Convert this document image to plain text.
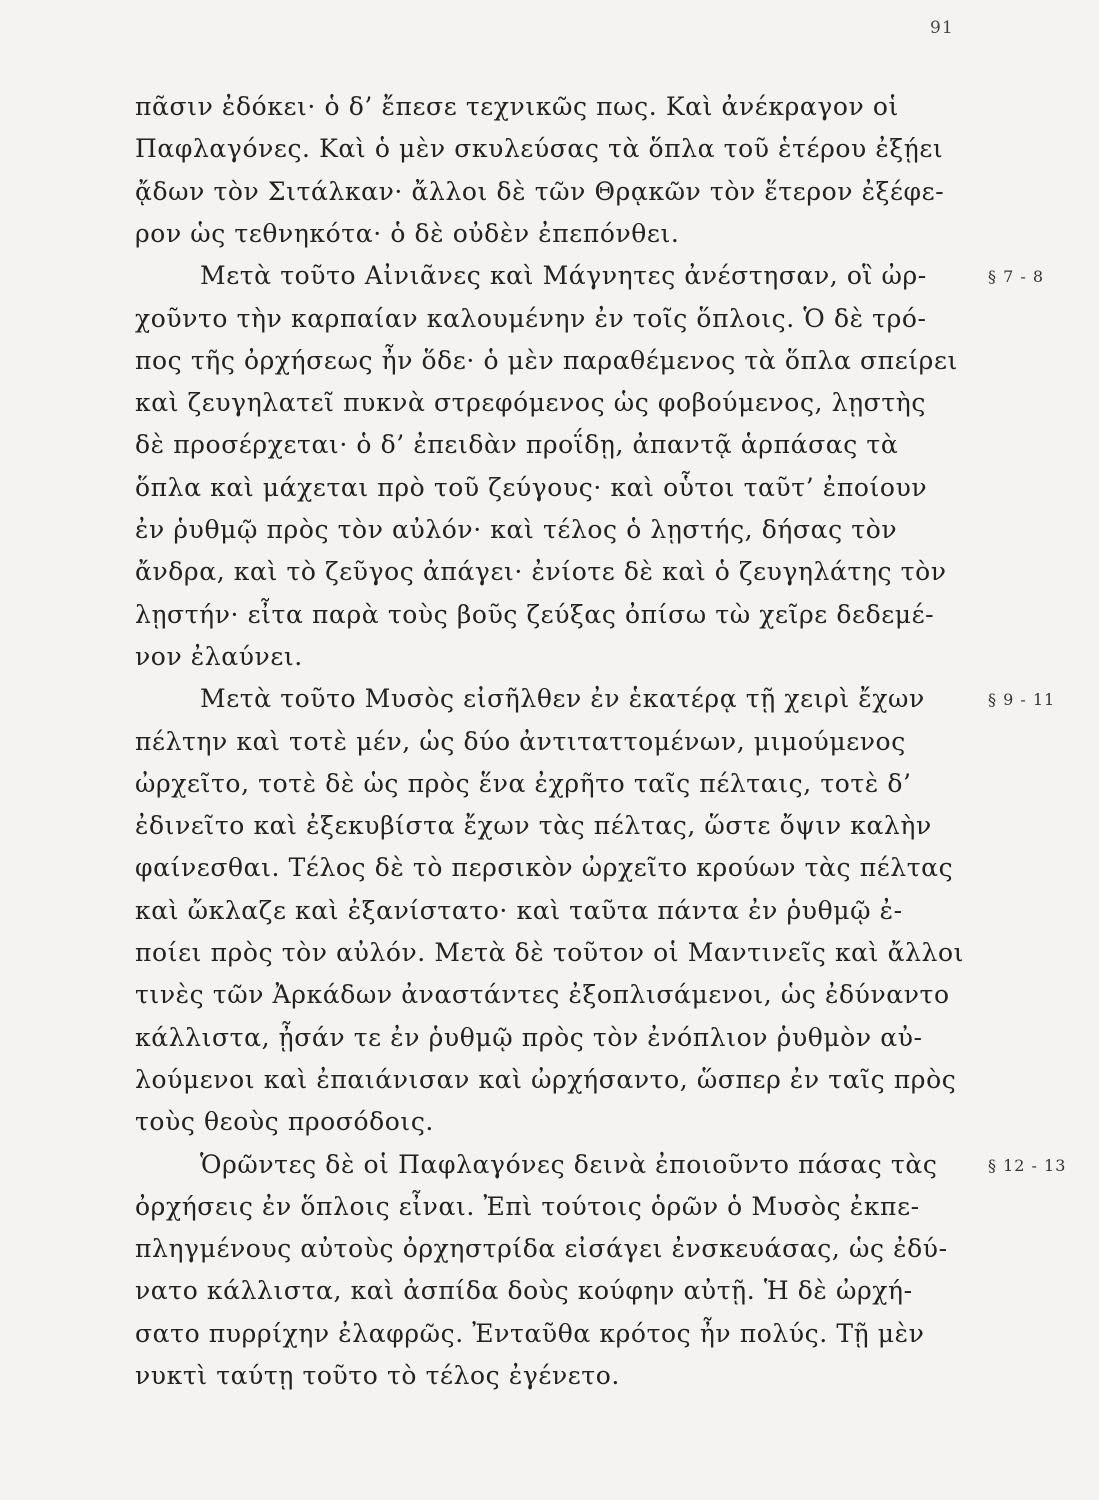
91
πᾶσιν ἐδόκει· ὁ δ’ ἔπεσε τεχνικῶς πως. Καὶ ἀνέκραγον οἱ
Παφλαγόνες. Καὶ ὁ μὲν σκυλεύσας τὰ ὅπλα τοῦ ἑτέρου ἐξῄει
ᾄδων τὸν Σιτάλκαν· ἄλλοι δὲ τῶν Θρᾳκῶν τὸν ἕτερον ἐξέφε-
ρον ὡς τεθνηκότα· ὁ δὲ οὐδὲν ἐπεπόνθει.
Μετὰ τοῦτο Αἰνιᾶνες καὶ Μάγνητες ἀνέστησαν, οἳ ὠρ-
χοῦντο τὴν καρπαίαν καλουμένην ἐν τοῖς ὅπλοις. Ὁ δὲ τρό-
πος τῆς ὀρχήσεως ἦν ὅδε· ὁ μὲν παραθέμενος τὰ ὅπλα σπείρει
καὶ ζευγηλατεῖ πυκνὰ στρεφόμενος ὡς φοβούμενος, λῃστὴς
δὲ προσέρχεται· ὁ δ’ ἐπειδὰν προΐδῃ, ἀπαντᾷ ἁρπάσας τὰ
ὅπλα καὶ μάχεται πρὸ τοῦ ζεύγους· καὶ οὗτοι ταῦτ’ ἐποίουν
ἐν ῥυθμῷ πρὸς τὸν αὐλόν· καὶ τέλος ὁ λῃστής, δήσας τὸν
ἄνδρα, καὶ τὸ ζεῦγος ἀπάγει· ἐνίοτε δὲ καὶ ὁ ζευγηλάτης τὸν
λῃστήν· εἶτα παρὰ τοὺς βοῦς ζεύξας ὀπίσω τὼ χεῖρε δεδεμέ-
νον ἐλαύνει.
Μετὰ τοῦτο Μυσὸς εἰσῆλθεν ἐν ἑκατέρᾳ τῇ χειρὶ ἔχων
πέλτην καὶ τοτὲ μέν, ὡς δύο ἀντιταττομένων, μιμούμενος
ὠρχεῖτο, τοτὲ δὲ ὡς πρὸς ἕνα ἐχρῆτο ταῖς πέλταις, τοτὲ δ’
ἐδινεῖτο καὶ ἐξεκυβίστα ἔχων τὰς πέλτας, ὥστε ὄψιν καλὴν
φαίνεσθαι. Τέλος δὲ τὸ περσικὸν ὠρχεῖτο κρούων τὰς πέλτας
καὶ ὤκλαζε καὶ ἐξανίστατο· καὶ ταῦτα πάντα ἐν ῥυθμῷ ἐ-
ποίει πρὸς τὸν αὐλόν. Μετὰ δὲ τοῦτον οἱ Μαντινεῖς καὶ ἄλλοι
τινὲς τῶν Ἀρκάδων ἀναστάντες ἐξοπλισάμενοι, ὡς ἐδύναντο
κάλλιστα, ᾖσάν τε ἐν ῥυθμῷ πρὸς τὸν ἐνόπλιον ῥυθμὸν αὐ-
λούμενοι καὶ ἐπαιάνισαν καὶ ὠρχήσαντο, ὥσπερ ἐν ταῖς πρὸς
τοὺς θεοὺς προσόδοις.
Ὁρῶντες δὲ οἱ Παφλαγόνες δεινὰ ἐποιοῦντο πάσας τὰς
ὀρχήσεις ἐν ὅπλοις εἶναι. Ἐπὶ τούτοις ὁρῶν ὁ Μυσὸς ἐκπε-
πληγμένους αὐτοὺς ὀρχηστρίδα εἰσάγει ἐνσκευάσας, ὡς ἐδύ-
νατο κάλλιστα, καὶ ἀσπίδα δοὺς κούφην αὐτῇ. Ἡ δὲ ὠρχή-
σατο πυρρίχην ἐλαφρῶς. Ἐνταῦθα κρότος ἦν πολύς. Τῇ μὲν
νυκτὶ ταύτῃ τοῦτο τὸ τέλος ἐγένετο.
§ 7 - 8
§ 9 - 11
§ 12 - 13
